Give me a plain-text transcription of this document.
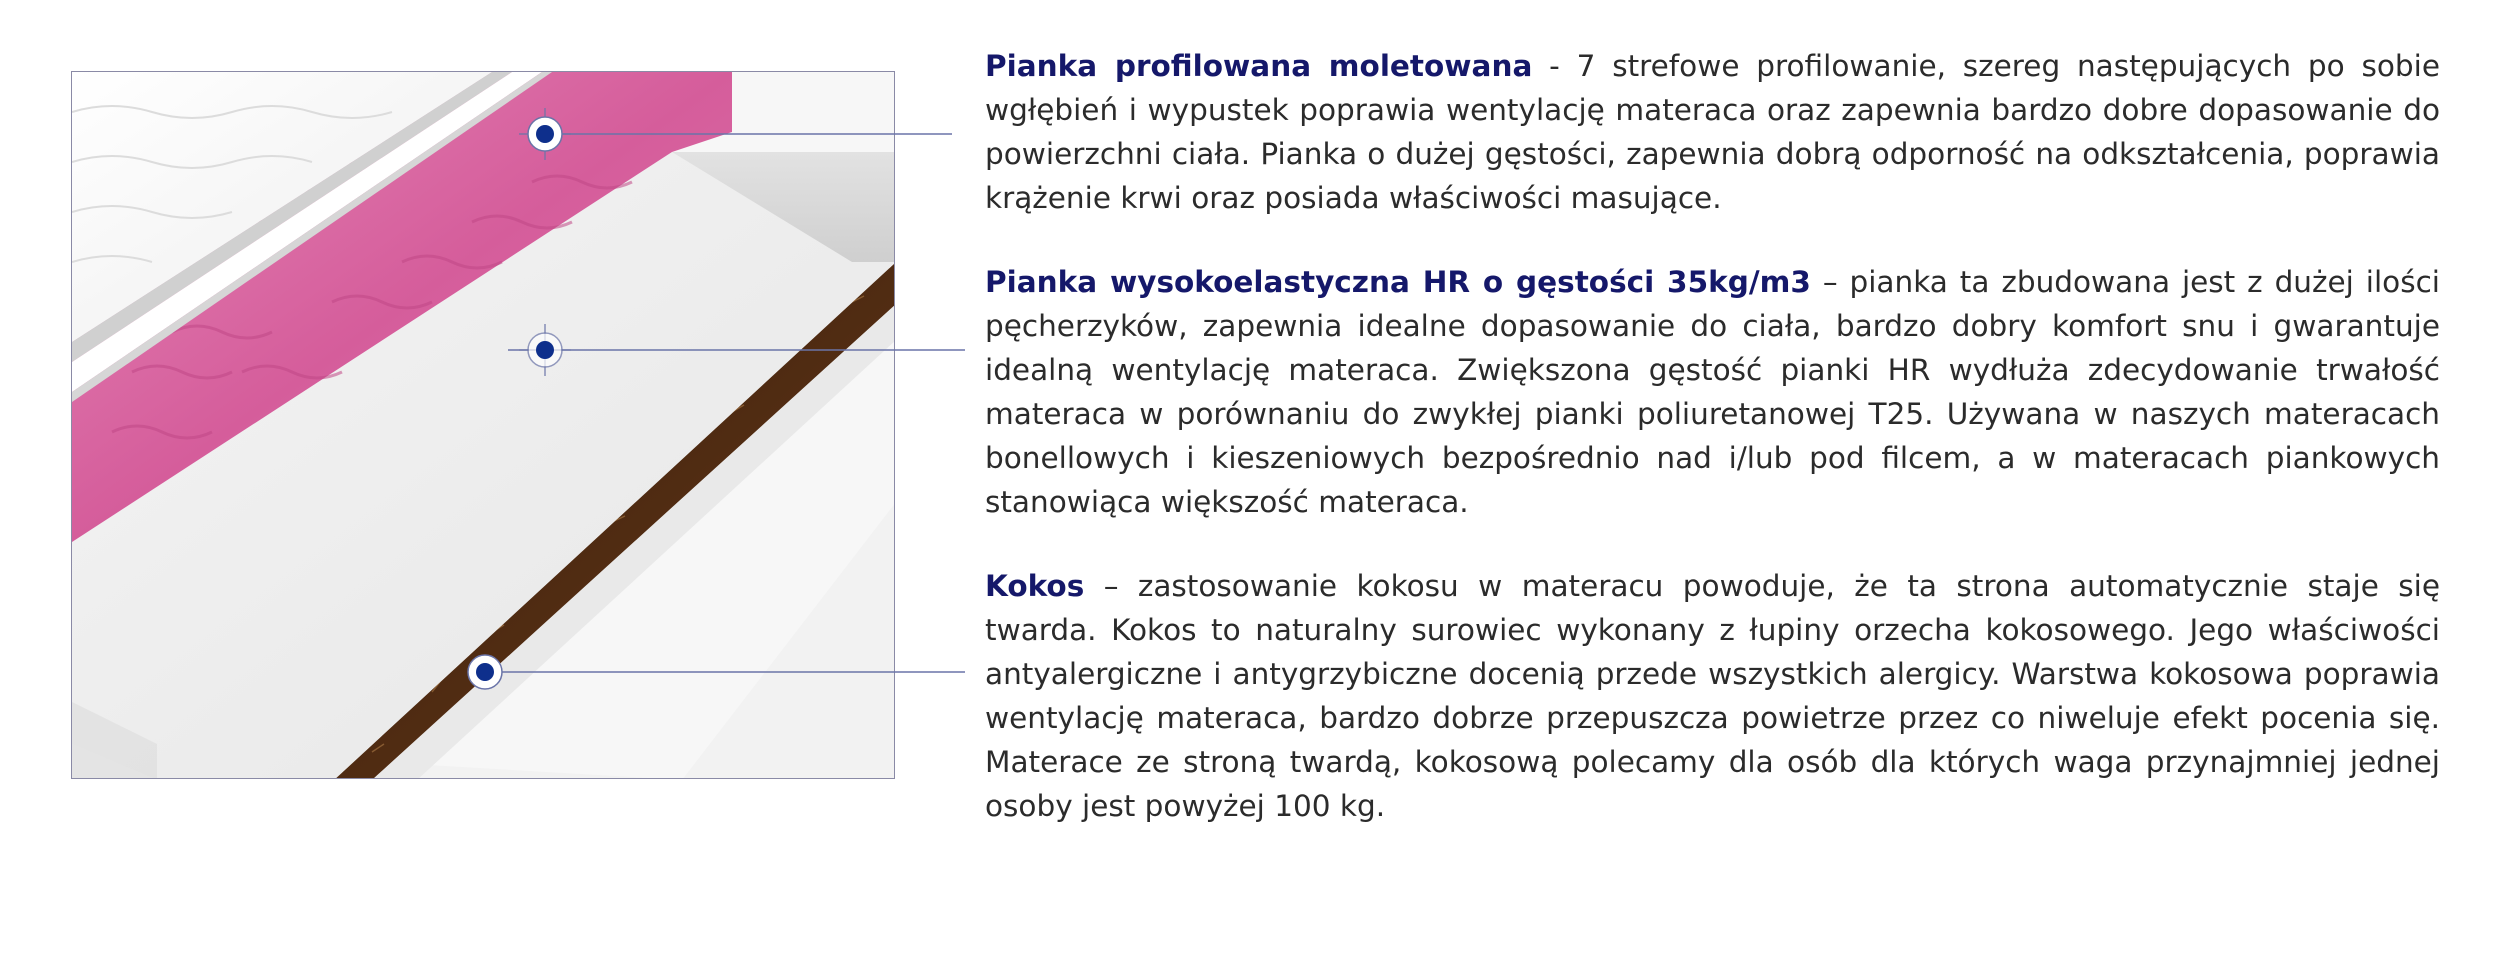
Pianka profilowana moletowana - 7 strefowe profilowanie, szereg następujących po sobie wgłębień i wypustek poprawia wentylację materaca oraz zapewnia bardzo dobre dopasowanie do powierzchni ciała. Pianka o dużej gęstości, zapewnia dobrą odporność na odkształcenia, poprawia krążenie krwi oraz posiada właściwości masujące.

Pianka wysokoelastyczna HR o gęstości 35kg/m3 – pianka ta zbudowana jest z dużej ilości pęcherzyków, zapewnia idealne dopasowanie do ciała, bardzo dobry komfort snu i gwarantuje idealną wentylację materaca. Zwiększona gęstość pianki HR wydłuża zdecydowanie trwałość materaca w porównaniu do zwykłej pianki poliuretanowej T25. Używana w naszych materacach bonellowych i kieszeniowych bezpośrednio nad i/lub pod filcem, a w materacach piankowych stanowiąca większość materaca.

Kokos – zastosowanie kokosu w materacu powoduje, że ta strona automatycznie staje się twarda. Kokos to naturalny surowiec wykonany z łupiny orzecha kokosowego. Jego właściwości antyalergiczne i antygrzybiczne docenią przede wszystkich alergicy. Warstwa kokosowa poprawia wentylację materaca, bardzo dobrze przepuszcza powietrze przez co niweluje efekt pocenia się. Materace ze stroną twardą, kokosową polecamy dla osób dla których waga przynajmniej jednej osoby jest powyżej 100 kg.
